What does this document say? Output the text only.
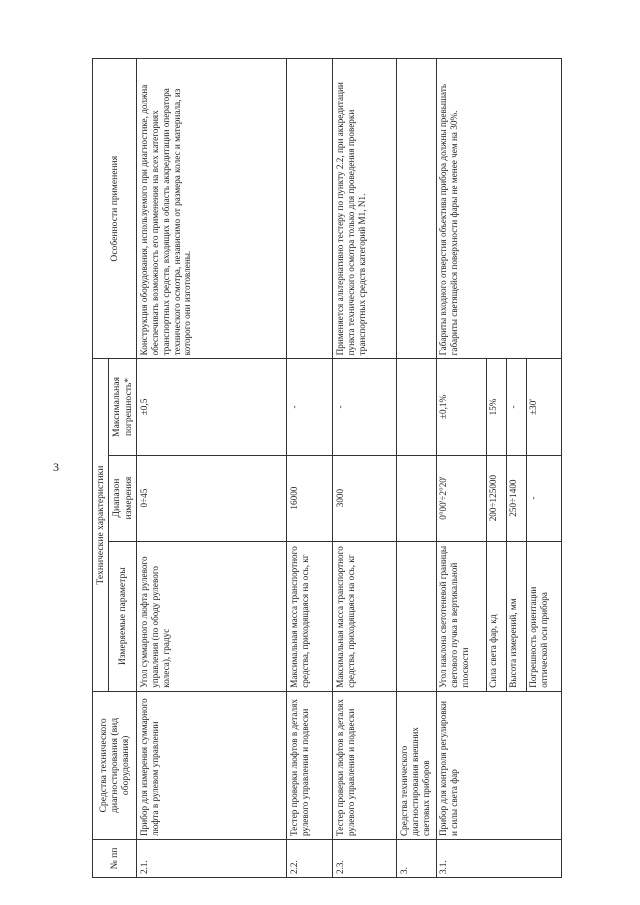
3
№ пп	Средства технического диагностирования (вид оборудования)	Технические характеристики			Особенности применения
		Измеряемые параметры	Диапазон измерения	Максимальная погрешность*	
2.1.	Прибор для измерения суммарного люфта в рулевом управлении	Угол суммарного люфта рулевого управления (по ободу рулевого колеса), градус	0÷45	±0,5	Конструкция оборудования, используемого при диагностике, должна обеспечивать возможность его применения на всех категориях транспортных средств, входящих в область аккредитации оператора технического осмотра, независимо от размера колес и материала, из которого они изготовлены.
2.2.	Тестер проверки люфтов в деталях рулевого управления и подвески	Максимальная масса транспортного средства, приходящаяся на ось, кг	16000	-	
2.3.	Тестер проверки люфтов в деталях рулевого управления и подвески	Максимальная масса транспортного средства, приходящаяся на ось, кг	3000	-	Применяется альтернативно тестеру по пункту 2.2, при аккредитации пункта технического осмотра только для проведения проверки транспортных средств категорий M1, N1.
3.	Средства технического диагностирования внешних световых приборов				
3.1.	Прибор для контроля регулировки и силы света фар	Угол наклона светотеневой границы светового пучка в вертикальной плоскости	0°00'÷2°20'	±0,1%	Габариты входного отверстия объектива прибора должны превышать габариты светящейся поверхности фары не менее чем на 30%.
		Сила света фар, кд	200÷125000	15%	
		Высота измерений, мм	250÷1400	-	
		Погрешность ориентации оптической оси прибора	-	±30'	
